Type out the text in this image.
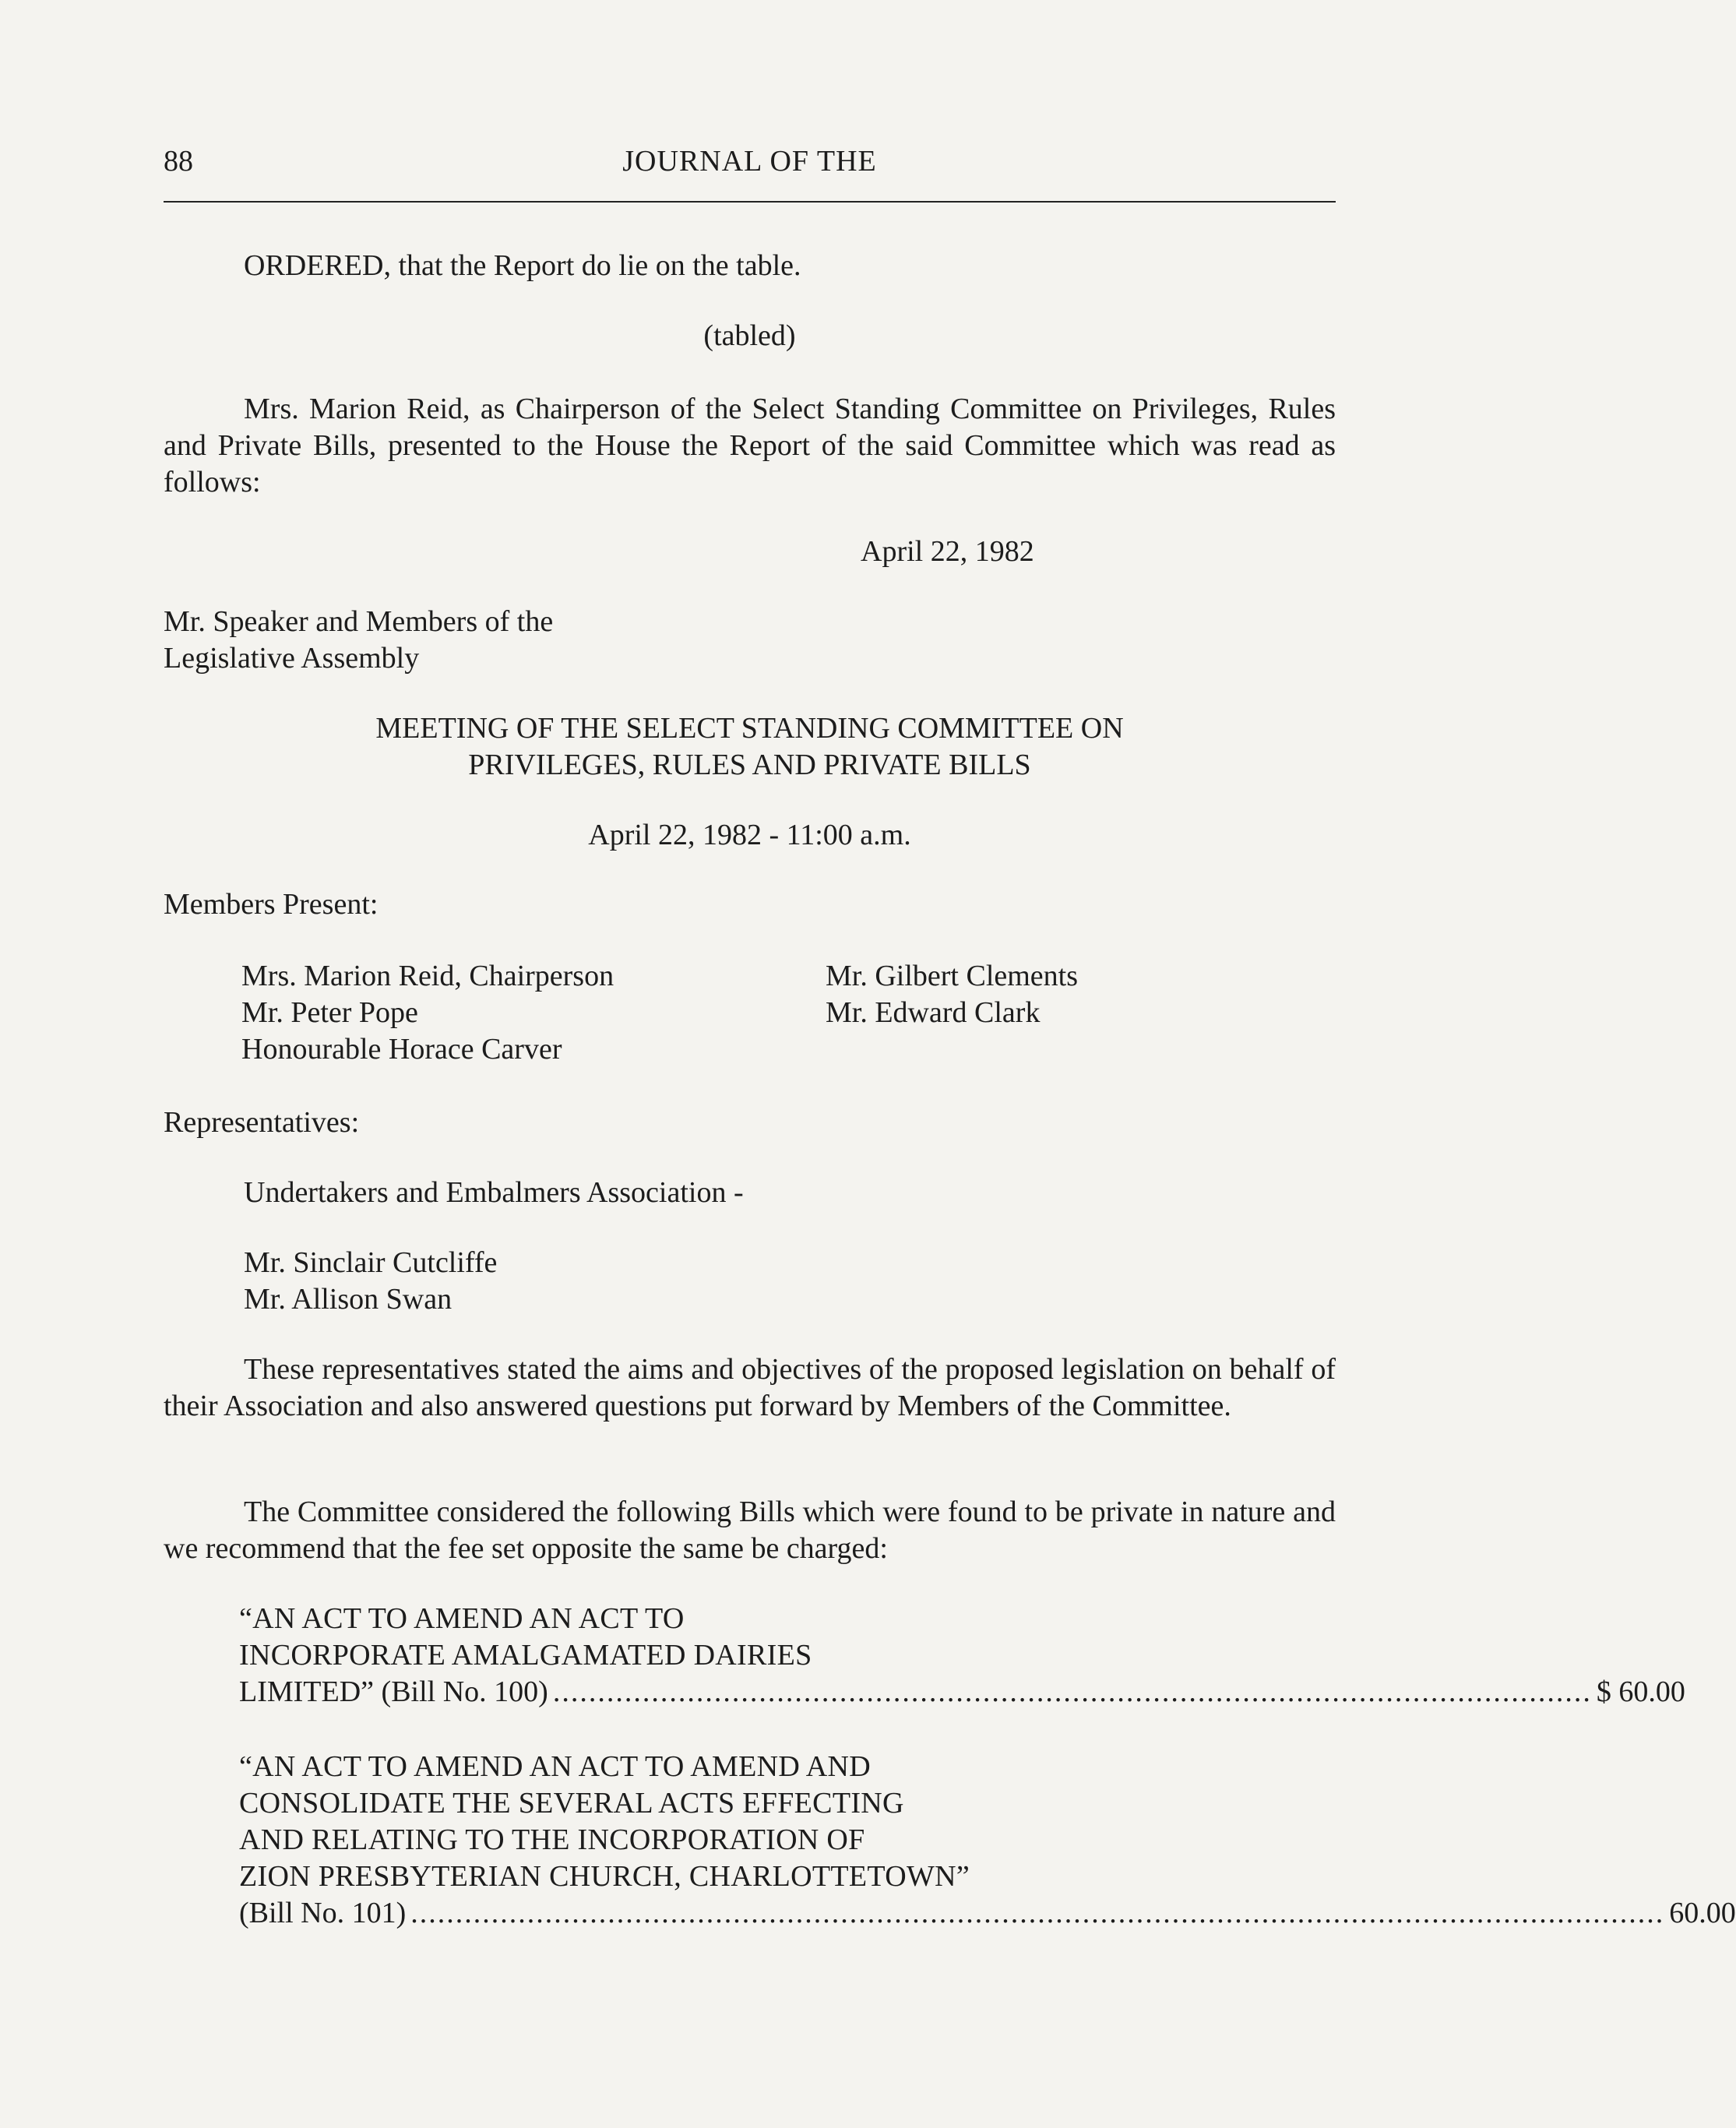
88	JOURNAL OF THE

ORDERED, that the Report do lie on the table.

(tabled)

Mrs. Marion Reid, as Chairperson of the Select Standing Committee on Privileges, Rules and Private Bills, presented to the House the Report of the said Committee which was read as follows:

April 22, 1982

Mr. Speaker and Members of the

Legislative Assembly

MEETING OF THE SELECT STANDING COMMITTEE ON

PRIVILEGES, RULES AND PRIVATE BILLS

April 22, 1982 - 11:00 a.m.

Members Present:

Mrs. Marion Reid, Chairperson
Mr. Peter Pope
Honourable Horace Carver
Mr. Gilbert Clements
Mr. Edward Clark

Representatives:

Undertakers and Embalmers Association -

Mr. Sinclair Cutcliffe

Mr. Allison Swan

These representatives stated the aims and objectives of the proposed legislation on behalf of their Association and also answered questions put forward by Members of the Committee.

The Committee considered the following Bills which were found to be private in nature and we recommend that the fee set opposite the same be charged:

“AN ACT TO AMEND AN ACT TO
INCORPORATE AMALGAMATED DAIRIES
LIMITED” (Bill No. 100) .................................................................................................................... $ 60.00
“AN ACT TO AMEND AN ACT TO AMEND AND
CONSOLIDATE THE SEVERAL ACTS EFFECTING
AND RELATING TO THE INCORPORATION OF
ZION PRESBYTERIAN CHURCH, CHARLOTTETOWN”
(Bill No. 101) ............................................................................................................................................ 60.00
